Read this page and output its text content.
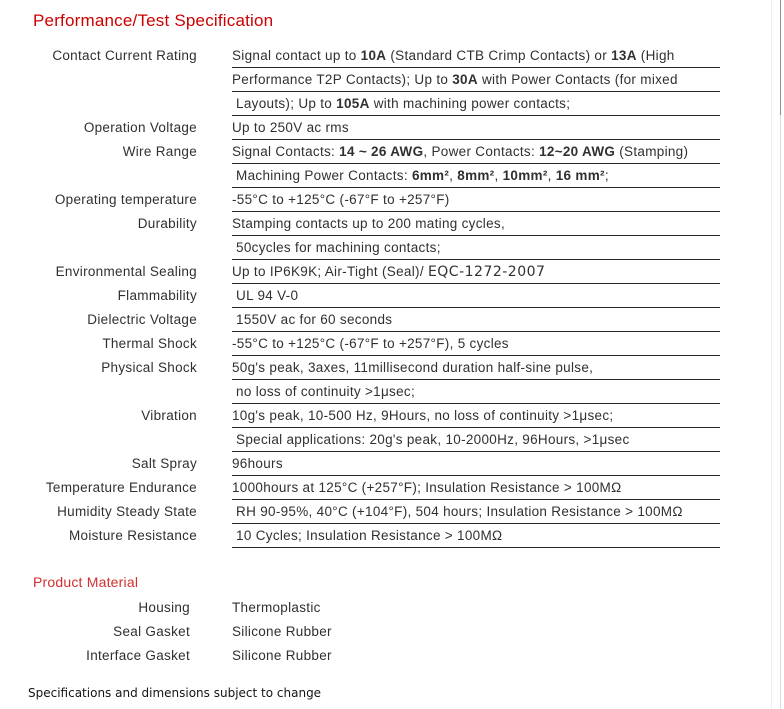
Performance/Test Specification
Contact Current Rating	Signal contact up to 10A (Standard CTB Crimp Contacts) or 13A (High
Performance T2P Contacts); Up to 30A with Power Contacts (for mixed
Layouts); Up to 105A with machining power contacts;
Operation Voltage	Up to 250V ac rms
Wire Range	Signal Contacts: 14 ~ 26 AWG, Power Contacts: 12~20 AWG (Stamping)
Machining Power Contacts: 6mm², 8mm², 10mm², 16 mm²;
Operating temperature	-55°C to +125°C (-67°F to +257°F)
Durability	Stamping contacts up to 200 mating cycles,
50cycles for machining contacts;
Environmental Sealing	Up to IP6K9K; Air-Tight (Seal)/ EQC-1272-2007
Flammability	UL 94 V-0
Dielectric Voltage	1550V ac for 60 seconds
Thermal Shock	-55°C to +125°C (-67°F to +257°F), 5 cycles
Physical Shock	50g's peak, 3axes, 11millisecond duration half-sine pulse,
no loss of continuity >1μsec;
Vibration	10g's peak, 10-500 Hz, 9Hours, no loss of continuity >1μsec;
Special applications: 20g's peak, 10-2000Hz, 96Hours, >1μsec
Salt Spray	96hours
Temperature Endurance	1000hours at 125°C (+257°F); Insulation Resistance > 100MΩ
Humidity Steady State	RH 90-95%, 40°C (+104°F), 504 hours; Insulation Resistance > 100MΩ
Moisture Resistance	10 Cycles; Insulation Resistance > 100MΩ
Product Material
Housing	Thermoplastic
Seal Gasket	Silicone Rubber
Interface Gasket	Silicone Rubber
Specifications and dimensions subject to change
